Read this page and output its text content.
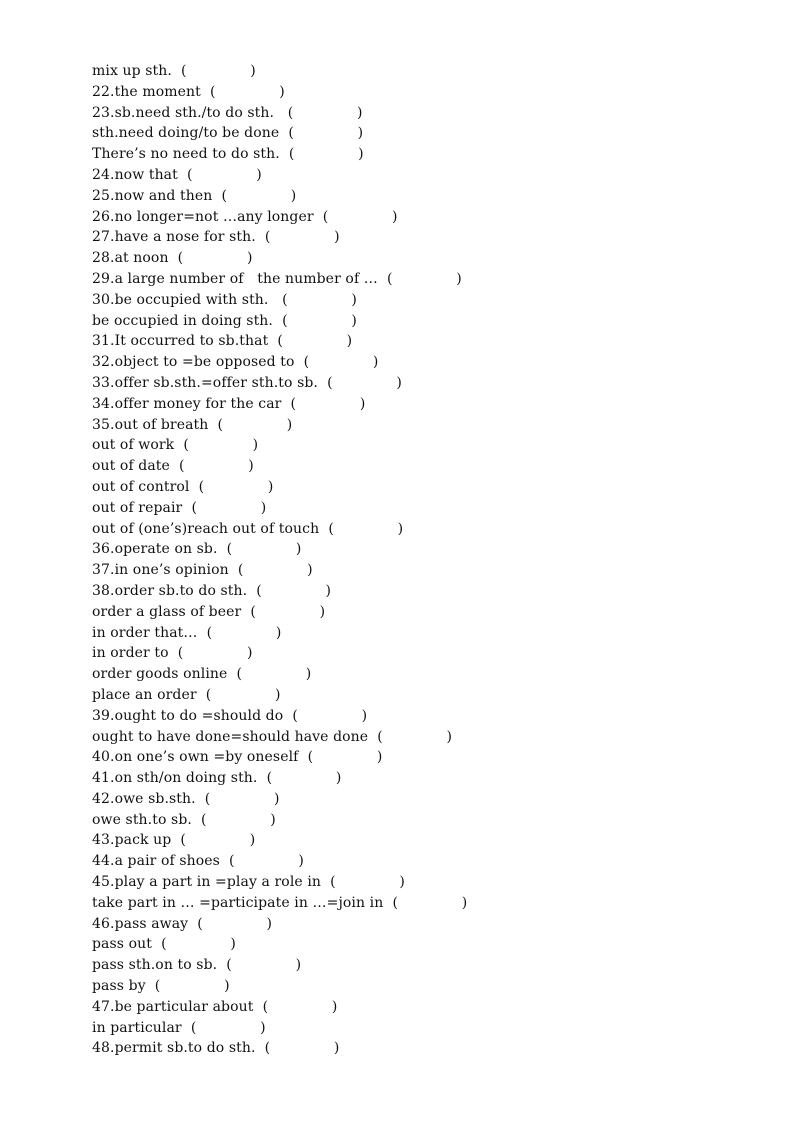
mix up sth.  (              )
22.the moment  (              )
23.sb.need sth./to do sth.   (              )
sth.need doing/to be done  (              )
There’s no need to do sth.  (              )
24.now that  (              )
25.now and then  (              )
26.no longer=not …any longer  (              )
27.have a nose for sth.  (              )
28.at noon  (              )
29.a large number of   the number of …  (              )
30.be occupied with sth.   (              )
be occupied in doing sth.  (              )
31.It occurred to sb.that  (              )
32.object to =be opposed to  (              )
33.offer sb.sth.=offer sth.to sb.  (              )
34.offer money for the car  (              )
35.out of breath  (              )
out of work  (              )
out of date  (              )
out of control  (              )
out of repair  (              )
out of (one’s)reach out of touch  (              )
36.operate on sb.  (              )
37.in one’s opinion  (              )
38.order sb.to do sth.  (              )
order a glass of beer  (              )
in order that…  (              )
in order to  (              )
order goods online  (              )
place an order  (              )
39.ought to do =should do  (              )
ought to have done=should have done  (              )
40.on one’s own =by oneself  (              )
41.on sth/on doing sth.  (              )
42.owe sb.sth.  (              )
owe sth.to sb.  (              )
43.pack up  (              )
44.a pair of shoes  (              )
45.play a part in =play a role in  (              )
take part in … =participate in …=join in  (              )
46.pass away  (              )
pass out  (              )
pass sth.on to sb.  (              )
pass by  (              )
47.be particular about  (              )
in particular  (              )
48.permit sb.to do sth.  (              )
